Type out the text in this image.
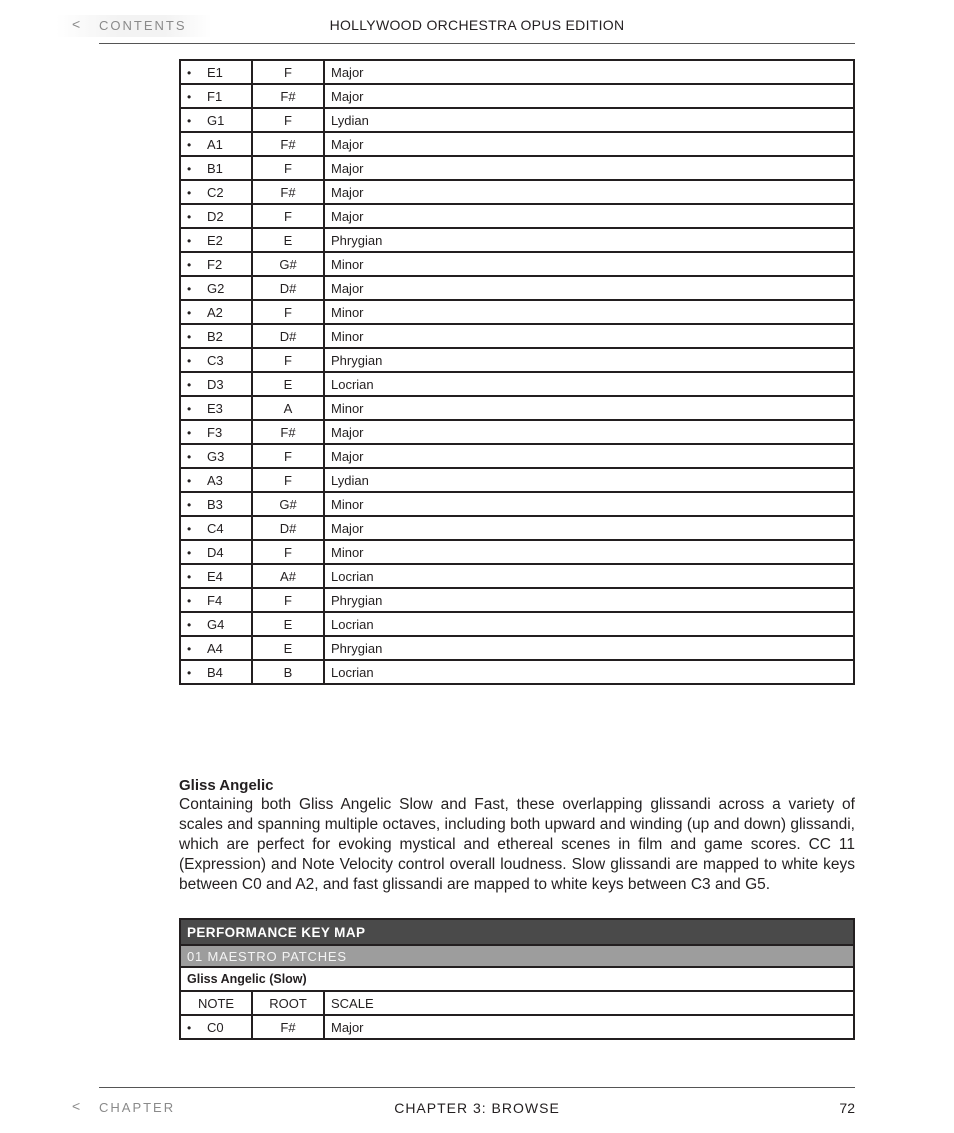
< CONTENTS	HOLLYWOOD ORCHESTRA OPUS EDITION
• E1	F	Major
• F1	F#	Major
• G1	F	Lydian
• A1	F#	Major
• B1	F	Major
• C2	F#	Major
• D2	F	Major
• E2	E	Phrygian
• F2	G#	Minor
• G2	D#	Major
• A2	F	Minor
• B2	D#	Minor
• C3	F	Phrygian
• D3	E	Locrian
• E3	A	Minor
• F3	F#	Major
• G3	F	Major
• A3	F	Lydian
• B3	G#	Minor
• C4	D#	Major
• D4	F	Minor
• E4	A#	Locrian
• F4	F	Phrygian
• G4	E	Locrian
• A4	E	Phrygian
• B4	B	Locrian
Gliss Angelic
Containing both Gliss Angelic Slow and Fast, these overlapping glissandi across a variety of scales and spanning multiple octaves, including both upward and winding (up and down) glissandi, which are perfect for evoking mystical and ethereal scenes in film and game scores. CC 11 (Expression) and Note Velocity control overall loudness. Slow glissandi are mapped to white keys between C0 and A2, and fast glissandi are mapped to white keys between C3 and G5.
PERFORMANCE KEY MAP		
01 MAESTRO PATCHES		
Gliss Angelic (Slow)		
NOTE	ROOT	SCALE
• C0	F#	Major
< CHAPTER	CHAPTER 3: BROWSE	72
